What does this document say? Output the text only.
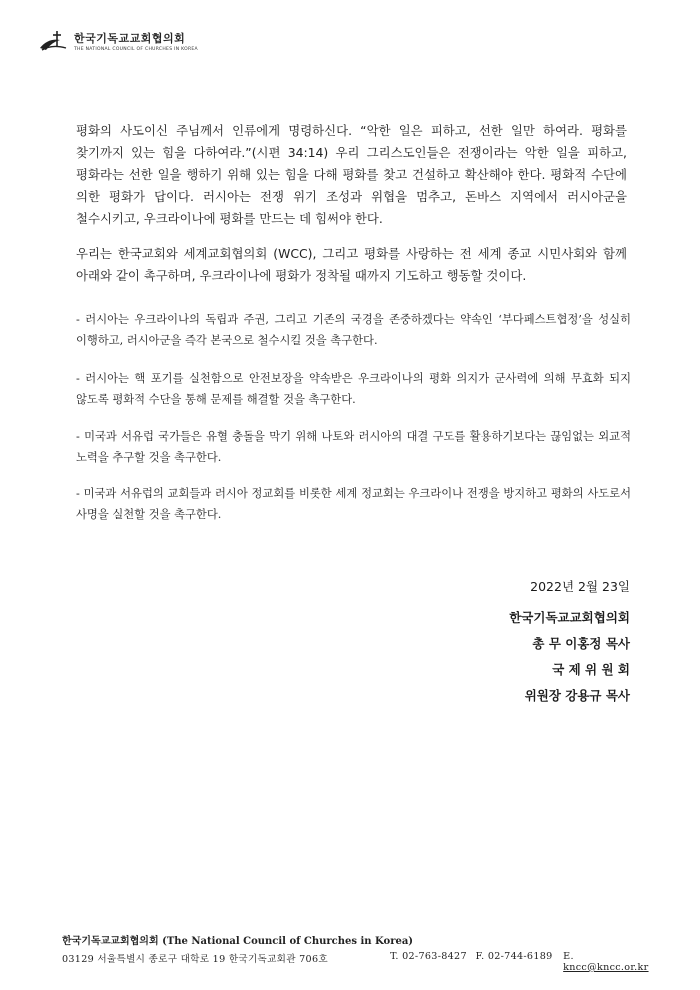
한국기독교교회협의회
THE NATIONAL COUNCIL OF CHURCHES IN KOREA
평화의 사도이신 주님께서 인류에게 명령하신다. “악한 일은 피하고, 선한 일만 하여라. 평화를 찾기까지 있는 힘을 다하여라.”(시편 34:14) 우리 그리스도인들은 전쟁이라는 악한 일을 피하고, 평화라는 선한 일을 행하기 위해 있는 힘을 다해 평화를 찾고 건설하고 확산해야 한다. 평화적 수단에 의한 평화가 답이다. 러시아는 전쟁 위기 조성과 위협을 멈추고, 돈바스 지역에서 러시아군을 철수시키고, 우크라이나에 평화를 만드는 데 힘써야 한다.
우리는 한국교회와 세계교회협의회 (WCC), 그리고 평화를 사랑하는 전 세계 종교 시민사회와 함께 아래와 같이 촉구하며, 우크라이나에 평화가 정착될 때까지 기도하고 행동할 것이다.
- 러시아는 우크라이나의 독립과 주권, 그리고 기존의 국경을 존중하겠다는 약속인 ‘부다페스트협정’을 성실히 이행하고, 러시아군을 즉각 본국으로 철수시킬 것을 촉구한다.
- 러시아는 핵 포기를 실천함으로 안전보장을 약속받은 우크라이나의 평화 의지가 군사력에 의해 무효화 되지 않도록 평화적 수단을 통해 문제를 해결할 것을 촉구한다.
- 미국과 서유럽 국가들은 유혈 충돌을 막기 위해 나토와 러시아의 대결 구도를 활용하기보다는 끊임없는 외교적 노력을 추구할 것을 촉구한다.
- 미국과 서유럽의 교회들과 러시아 정교회를 비롯한 세계 정교회는 우크라이나 전쟁을 방지하고 평화의 사도로서 사명을 실천할 것을 촉구한다.
2022년 2월 23일
한국기독교교회협의회
총 무 이홍정 목사
국 제 위 원 회
위원장 강용규 목사
한국기독교교회협의회 (The National Council of Churches in Korea)
03129 서울특별시 종로구 대학로 19 한국기독교회관 706호	T. 02-763-8427 F. 02-744-6189	E. kncc@kncc.or.kr
